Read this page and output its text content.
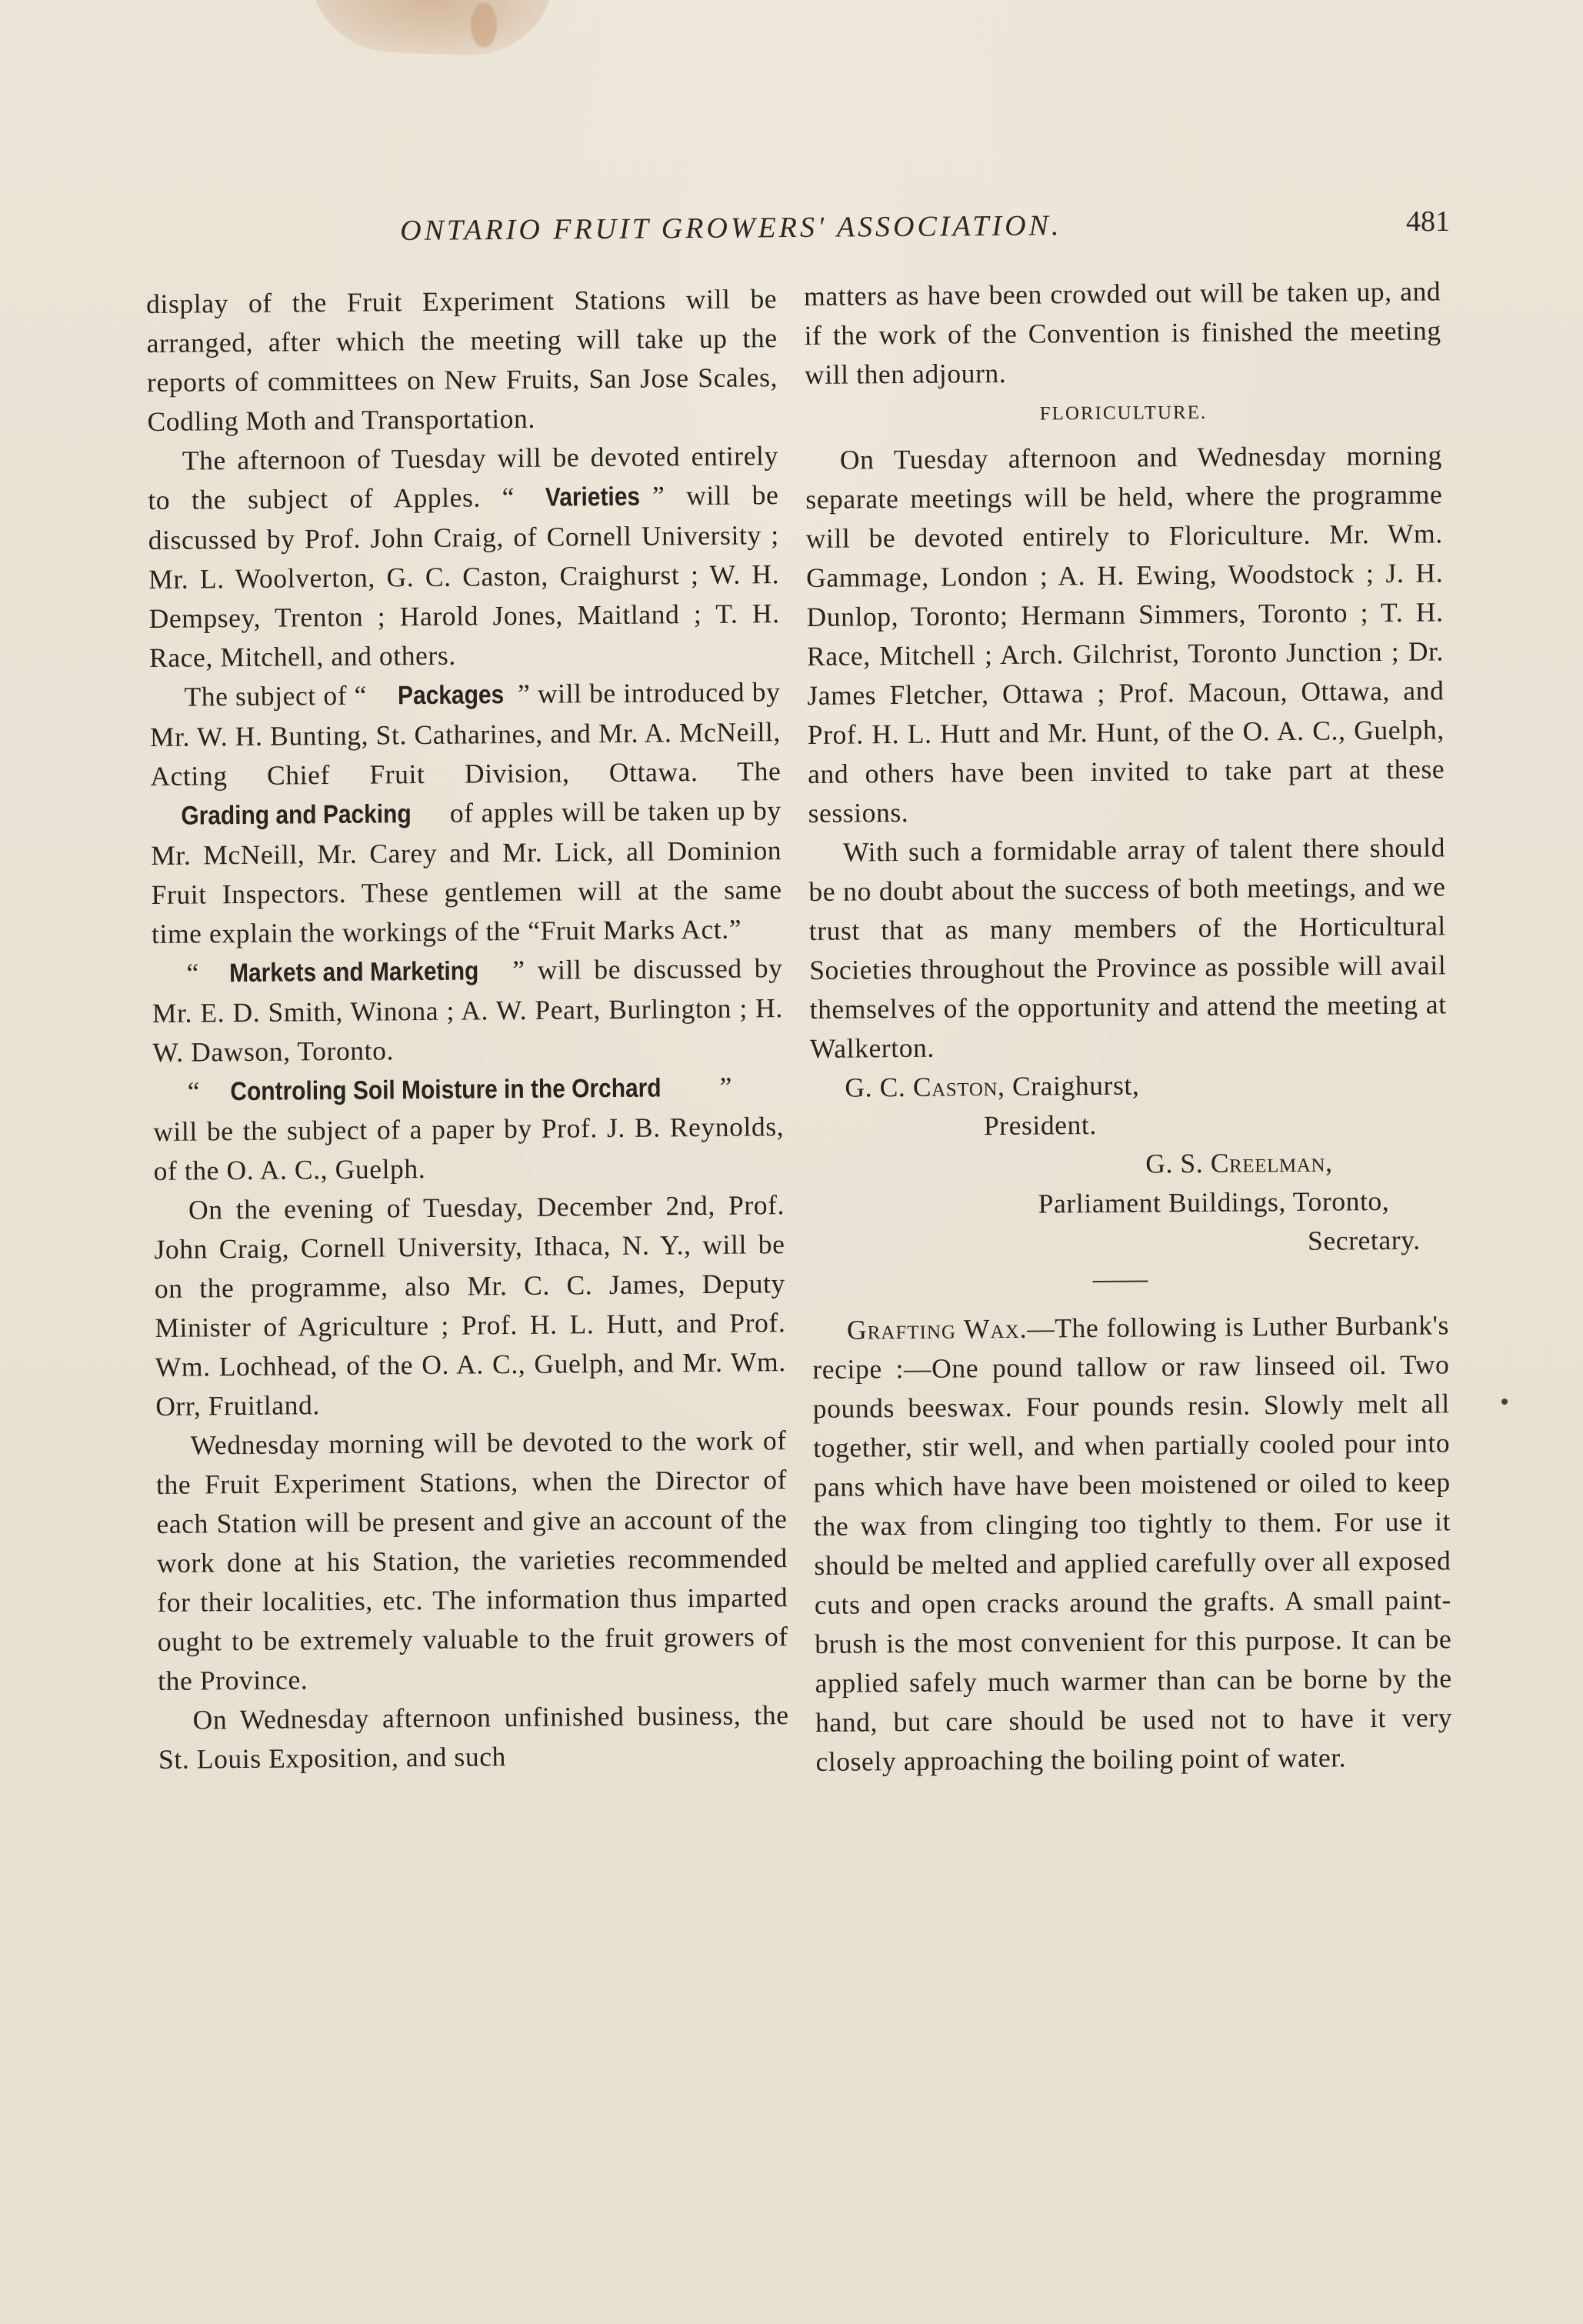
ONTARIO FRUIT GROWERS' ASSOCIATION.	481

display of the Fruit Experiment Stations will be arranged, after which the meeting will take up the reports of committees on New Fruits, San Jose Scales, Codling Moth and Transportation.

The afternoon of Tuesday will be devoted entirely to the subject of Apples. “ Varieties ” will be discussed by Prof. John Craig, of Cornell University ; Mr. L. Woolverton, G. C. Caston, Craighurst ; W. H. Dempsey, Trenton ; Harold Jones, Maitland ; T. H. Race, Mitchell, and others.

The subject of “ Packages ” will be introduced by Mr. W. H. Bunting, St. Catharines, and Mr. A. McNeill, Acting Chief Fruit Division, Ottawa. The Grading and Packing of apples will be taken up by Mr. McNeill, Mr. Carey and Mr. Lick, all Dominion Fruit Inspectors. These gentlemen will at the same time explain the workings of the “Fruit Marks Act.”

“ Markets and Marketing ” will be discussed by Mr. E. D. Smith, Winona ; A. W. Peart, Burlington ; H. W. Dawson, Toronto.

“ Controling Soil Moisture in the Orchard ” will be the subject of a paper by Prof. J. B. Reynolds, of the O. A. C., Guelph.

On the evening of Tuesday, December 2nd, Prof. John Craig, Cornell University, Ithaca, N. Y., will be on the programme, also Mr. C. C. James, Deputy Minister of Agriculture ; Prof. H. L. Hutt, and Prof. Wm. Lochhead, of the O. A. C., Guelph, and Mr. Wm. Orr, Fruitland.

Wednesday morning will be devoted to the work of the Fruit Experiment Stations, when the Director of each Station will be present and give an account of the work done at his Station, the varieties recommended for their localities, etc. The information thus imparted ought to be extremely valuable to the fruit growers of the Province.

On Wednesday afternoon unfinished business, the St. Louis Exposition, and such

matters as have been crowded out will be taken up, and if the work of the Convention is finished the meeting will then adjourn.

FLORICULTURE.

On Tuesday afternoon and Wednesday morning separate meetings will be held, where the programme will be devoted entirely to Floriculture. Mr. Wm. Gammage, London ; A. H. Ewing, Woodstock ; J. H. Dunlop, Toronto; Hermann Simmers, Toronto ; T. H. Race, Mitchell ; Arch. Gilchrist, Toronto Junction ; Dr. James Fletcher, Ottawa ; Prof. Macoun, Ottawa, and Prof. H. L. Hutt and Mr. Hunt, of the O. A. C., Guelph, and others have been invited to take part at these sessions.

With such a formidable array of talent there should be no doubt about the success of both meetings, and we trust that as many members of the Horticultural Societies throughout the Province as possible will avail themselves of the opportunity and attend the meeting at Walkerton.

G. C. Caston, Craighurst,

President.

G. S. Creelman,

Parliament Buildings, Toronto,

Secretary.

Grafting Wax.—The following is Luther Burbank's recipe :—One pound tallow or raw linseed oil. Two pounds beeswax. Four pounds resin. Slowly melt all together, stir well, and when partially cooled pour into pans which have have been moistened or oiled to keep the wax from clinging too tightly to them. For use it should be melted and applied carefully over all exposed cuts and open cracks around the grafts. A small paint-brush is the most convenient for this purpose. It can be applied safely much warmer than can be borne by the hand, but care should be used not to have it very closely approaching the boiling point of water.
